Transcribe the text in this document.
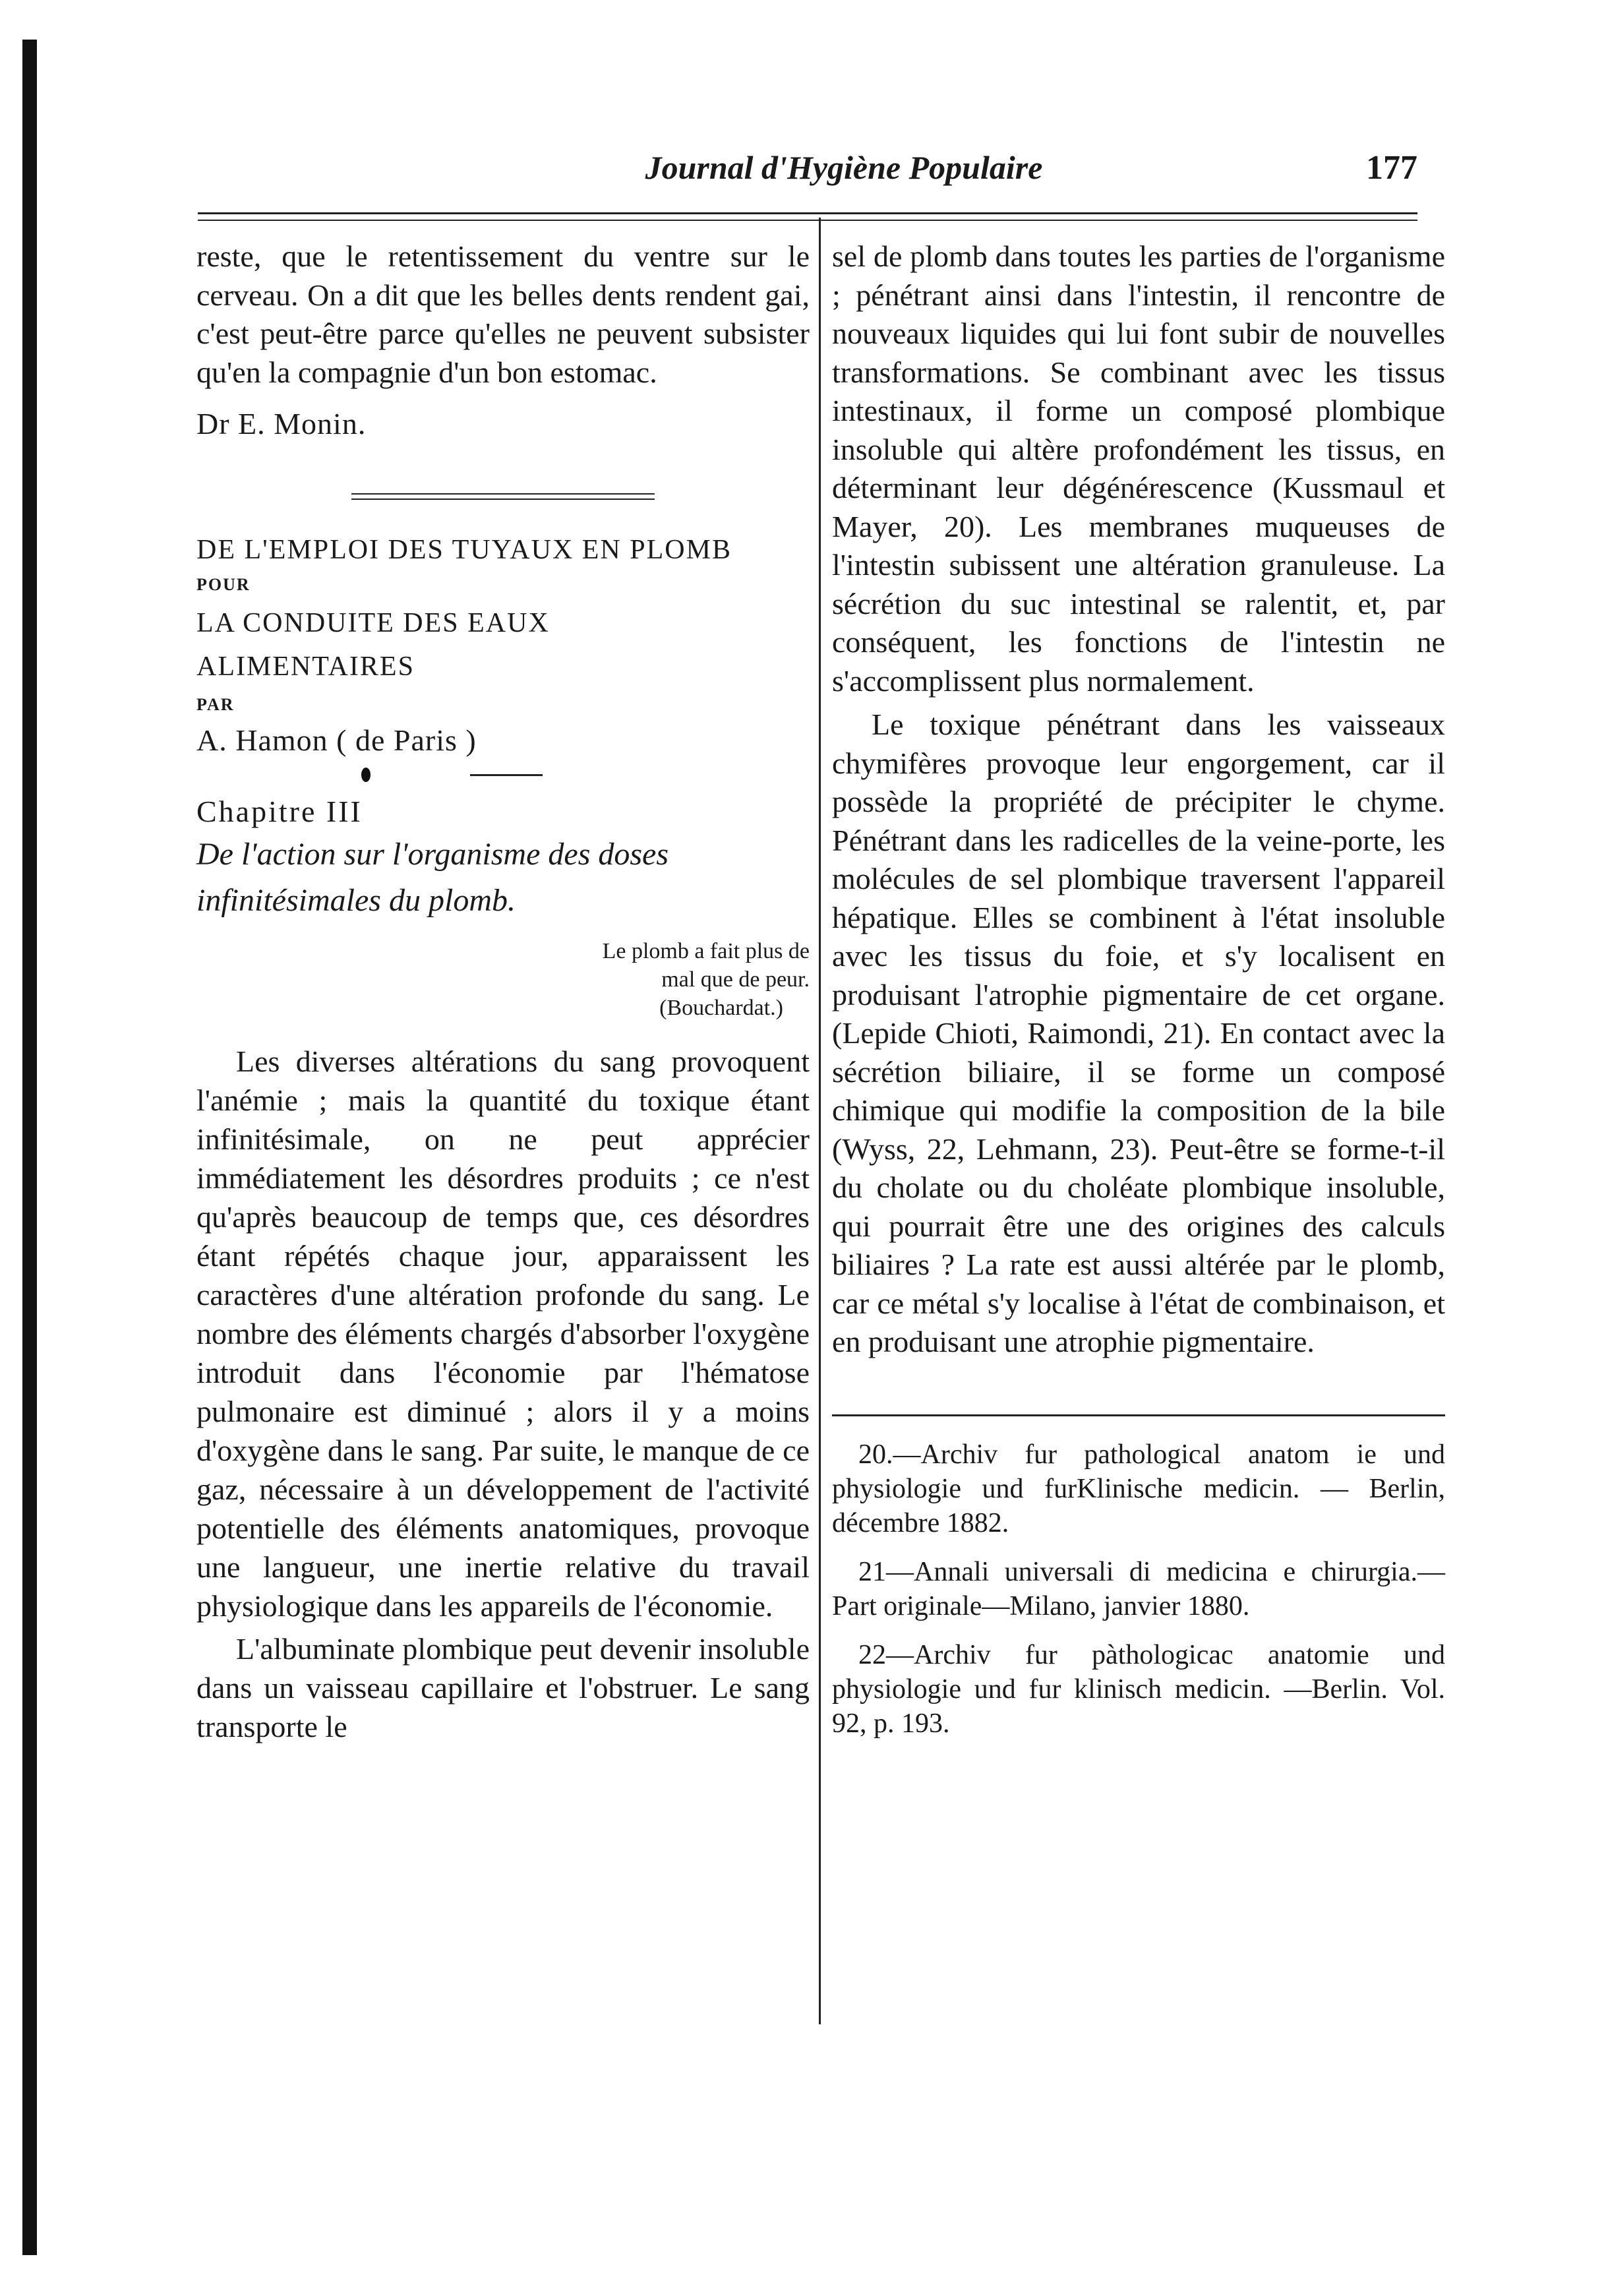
Journal d'Hygiène Populaire	177

reste, que le retentissement du ventre sur le cerveau. On a dit que les belles dents rendent gai, c'est peut-être parce qu'elles ne peuvent subsister qu'en la compagnie d'un bon estomac.

Dr E. Monin.

DE L'EMPLOI DES TUYAUX EN PLOMB

POUR

LA CONDUITE DES EAUX

ALIMENTAIRES

PAR

A. Hamon ( de Paris )

Chapitre III

De l'action sur l'organisme des doses

infinitésimales du plomb.

Le plomb a fait plus de
mal que de peur.
(Bouchardat.)

Les diverses altérations du sang provoquent l'anémie ; mais la quantité du toxique étant infinitésimale, on ne peut apprécier immédiatement les désordres produits ; ce n'est qu'après beaucoup de temps que, ces désordres étant répétés chaque jour, apparaissent les caractères d'une altération profonde du sang. Le nombre des éléments chargés d'absorber l'oxygène introduit dans l'économie par l'hématose pulmonaire est diminué ; alors il y a moins d'oxygène dans le sang. Par suite, le manque de ce gaz, nécessaire à un développement de l'activité potentielle des éléments anatomiques, provoque une langueur, une inertie relative du travail physiologique dans les appareils de l'économie.

L'albuminate plombique peut devenir insoluble dans un vaisseau capillaire et l'obstruer. Le sang transporte le

sel de plomb dans toutes les parties de l'organisme ; pénétrant ainsi dans l'intestin, il rencontre de nouveaux liquides qui lui font subir de nouvelles transformations. Se combinant avec les tissus intestinaux, il forme un composé plombique insoluble qui altère profondément les tissus, en déterminant leur dégénérescence (Kussmaul et Mayer, 20). Les membranes muqueuses de l'intestin subissent une altération granuleuse. La sécrétion du suc intestinal se ralentit, et, par conséquent, les fonctions de l'intestin ne s'accomplissent plus normalement.

Le toxique pénétrant dans les vaisseaux chymifères provoque leur engorgement, car il possède la propriété de précipiter le chyme. Pénétrant dans les radicelles de la veine-porte, les molécules de sel plombique traversent l'appareil hépatique. Elles se combinent à l'état insoluble avec les tissus du foie, et s'y localisent en produisant l'atrophie pigmentaire de cet organe. (Lepide Chioti, Raimondi, 21). En contact avec la sécrétion biliaire, il se forme un composé chimique qui modifie la composition de la bile (Wyss, 22, Lehmann, 23). Peut-être se forme-t-il du cholate ou du choléate plombique insoluble, qui pourrait être une des origines des calculs biliaires ? La rate est aussi altérée par le plomb, car ce métal s'y localise à l'état de combinaison, et en produisant une atrophie pigmentaire.

20.—Archiv fur pathological anatom ie und physiologie und furKlinische medicin. — Berlin, décembre 1882.

21—Annali universali di medicina e chirurgia.—Part originale—Milano, janvier 1880.

22—Archiv fur pàthologicac anatomie und physiologie und fur klinisch medicin. —Berlin. Vol. 92, p. 193.
